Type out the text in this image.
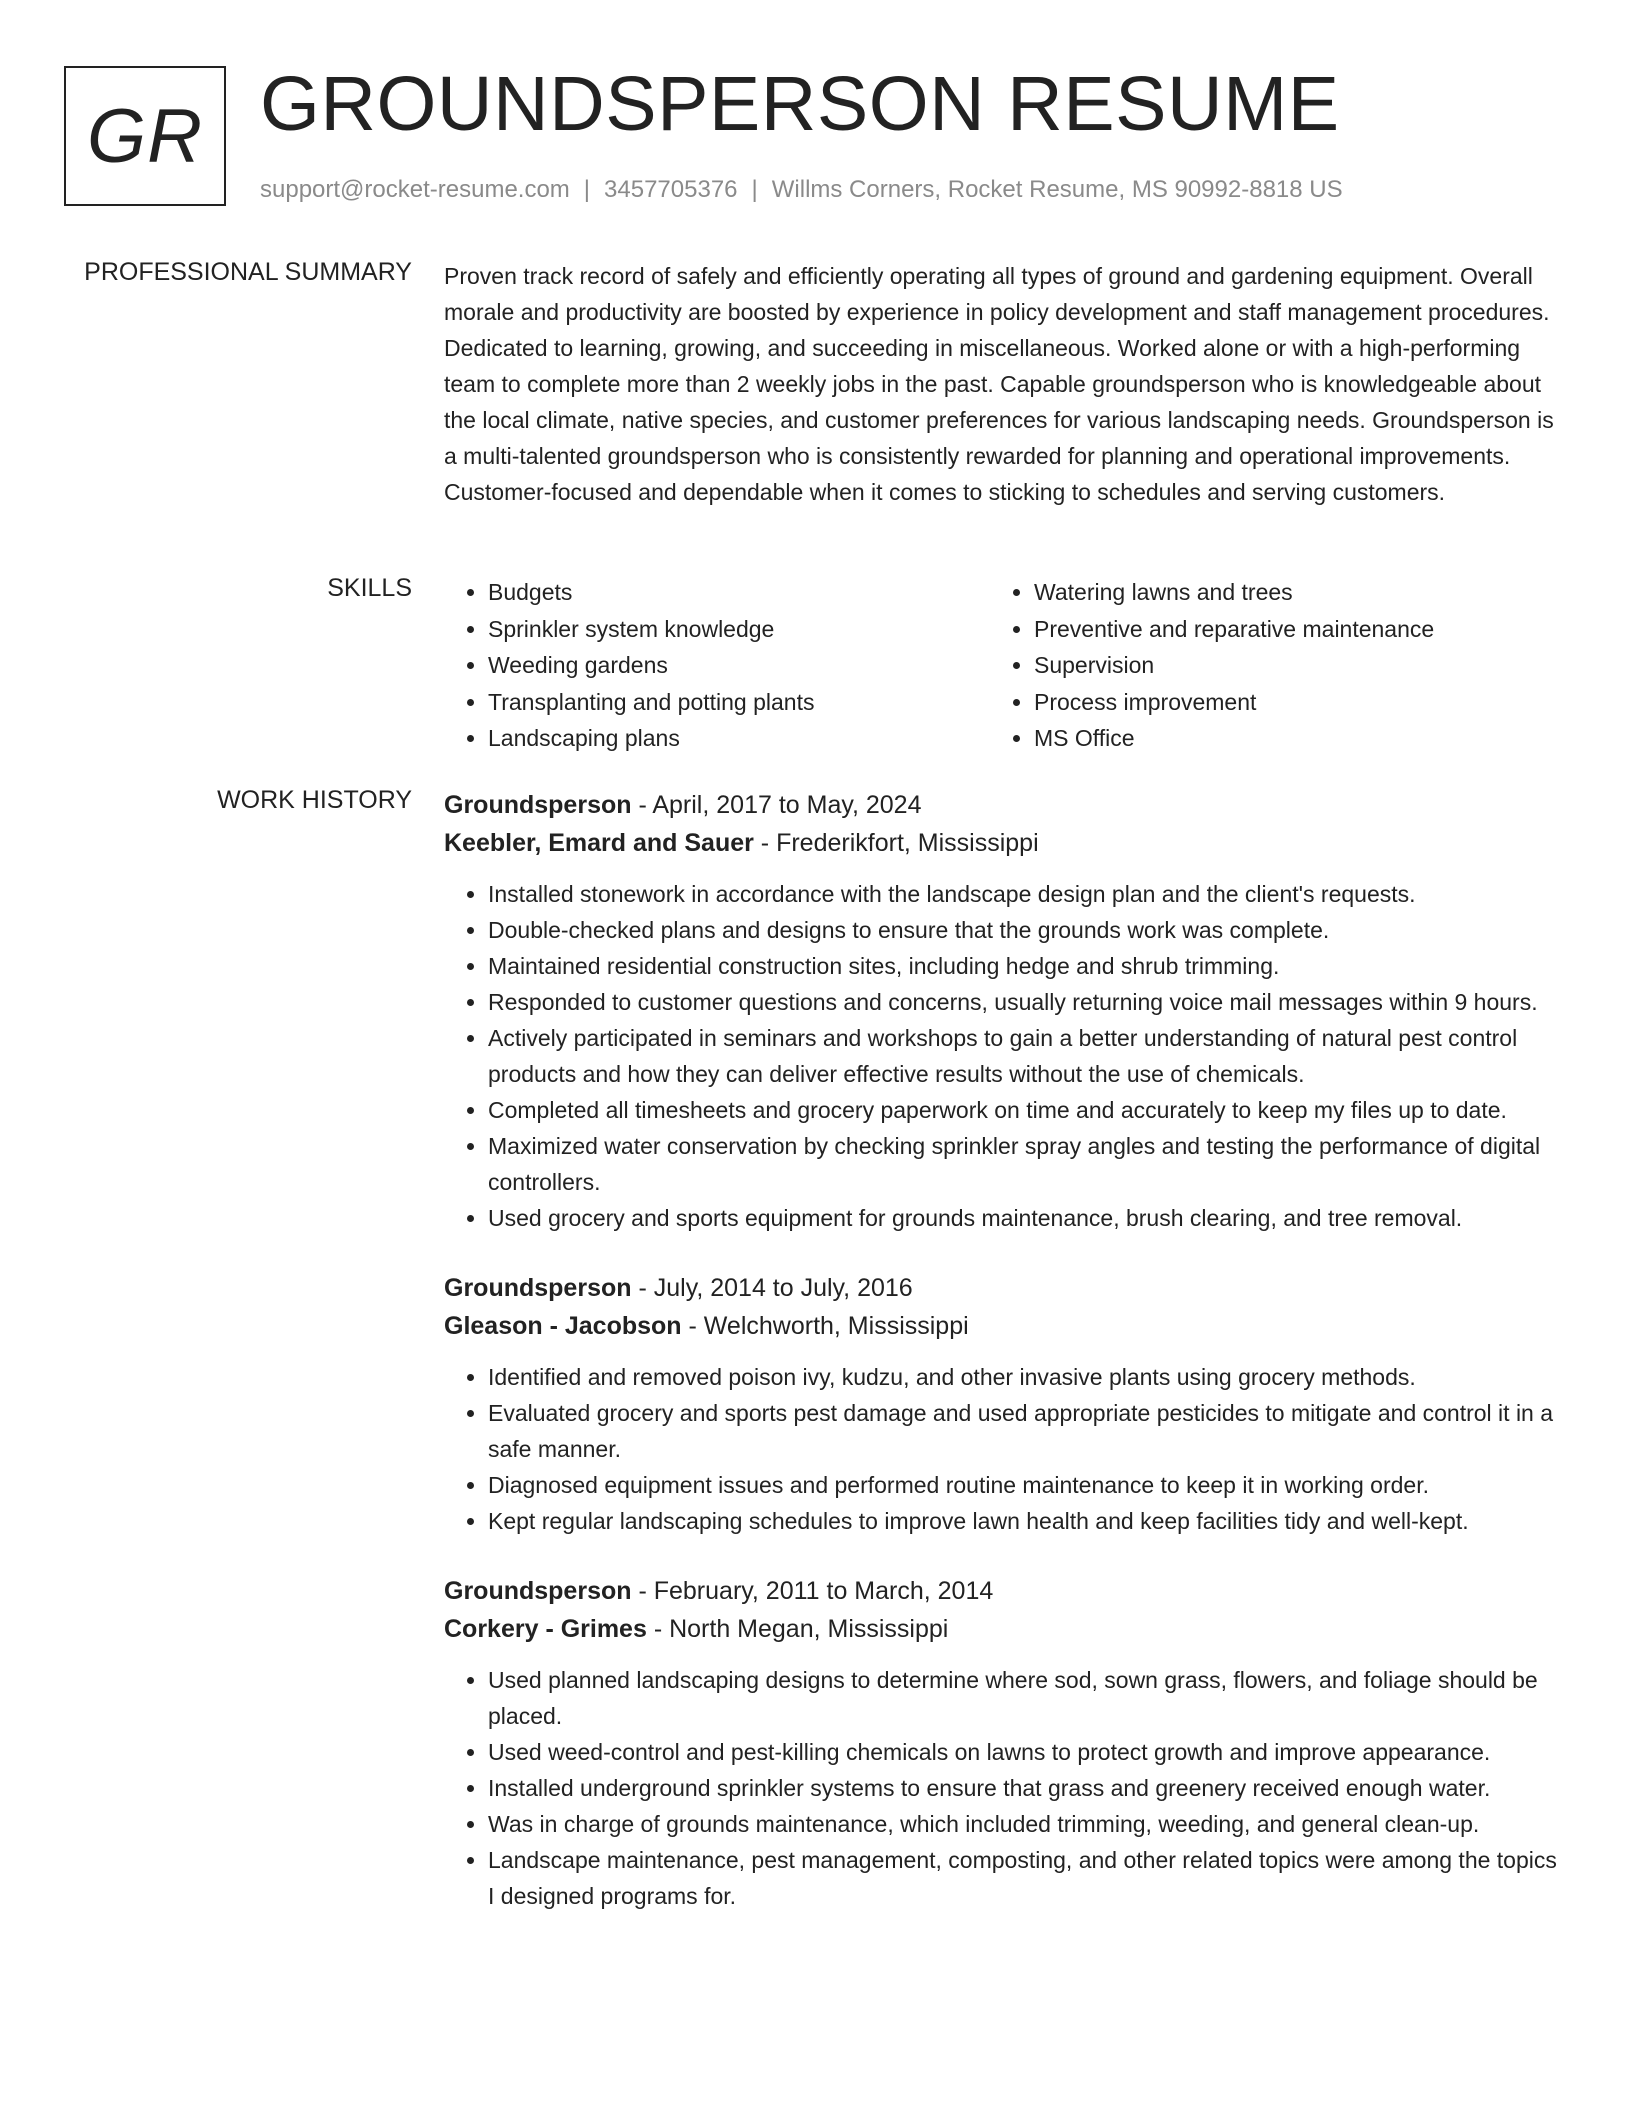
GR GROUNDSPERSON RESUME
support@rocket-resume.com | 3457705376 | Willms Corners, Rocket Resume, MS 90992-8818 US
PROFESSIONAL SUMMARY Proven track record of safely and efficiently operating all types of ground and gardening equipment. Overall morale and productivity are boosted by experience in policy development and staff management procedures. Dedicated to learning, growing, and succeeding in miscellaneous. Worked alone or with a high-performing team to complete more than 2 weekly jobs in the past. Capable groundsperson who is knowledgeable about the local climate, native species, and customer preferences for various landscaping needs. Groundsperson is a multi-talented groundsperson who is consistently rewarded for planning and operational improvements. Customer-focused and dependable when it comes to sticking to schedules and serving customers.
SKILLS
•	Budgets
• Sprinkler system knowledge
• Weeding gardens
• Transplanting and potting plants
• Landscaping plans
• Watering lawns and trees
• Preventive and reparative maintenance
• Supervision
• Process improvement
• MS Office
WORK HISTORY Groundsperson - April, 2017 to May, 2024
Keebler, Emard and Sauer - Frederikfort, Mississippi
• Installed stonework in accordance with the landscape design plan and the client's requests.
• Double-checked plans and designs to ensure that the grounds work was complete.
• Maintained residential construction sites, including hedge and shrub trimming.
• Responded to customer questions and concerns, usually returning voice mail messages within 9 hours.
• Actively participated in seminars and workshops to gain a better understanding of natural pest control products and how they can deliver effective results without the use of chemicals.
• Completed all timesheets and grocery paperwork on time and accurately to keep my files up to date.
• Maximized water conservation by checking sprinkler spray angles and testing the performance of digital controllers.
• Used grocery and sports equipment for grounds maintenance, brush clearing, and tree removal.
Groundsperson - July, 2014 to July, 2016
Gleason - Jacobson - Welchworth, Mississippi
• Identified and removed poison ivy, kudzu, and other invasive plants using grocery methods.
• Evaluated grocery and sports pest damage and used appropriate pesticides to mitigate and control it in a safe manner.
• Diagnosed equipment issues and performed routine maintenance to keep it in working order.
• Kept regular landscaping schedules to improve lawn health and keep facilities tidy and well-kept.
Groundsperson - February, 2011 to March, 2014
Corkery - Grimes - North Megan, Mississippi
• Used planned landscaping designs to determine where sod, sown grass, flowers, and foliage should be placed.
• Used weed-control and pest-killing chemicals on lawns to protect growth and improve appearance.
• Installed underground sprinkler systems to ensure that grass and greenery received enough water.
• Was in charge of grounds maintenance, which included trimming, weeding, and general clean-up.
• Landscape maintenance, pest management, composting, and other related topics were among the topics I designed programs for.
